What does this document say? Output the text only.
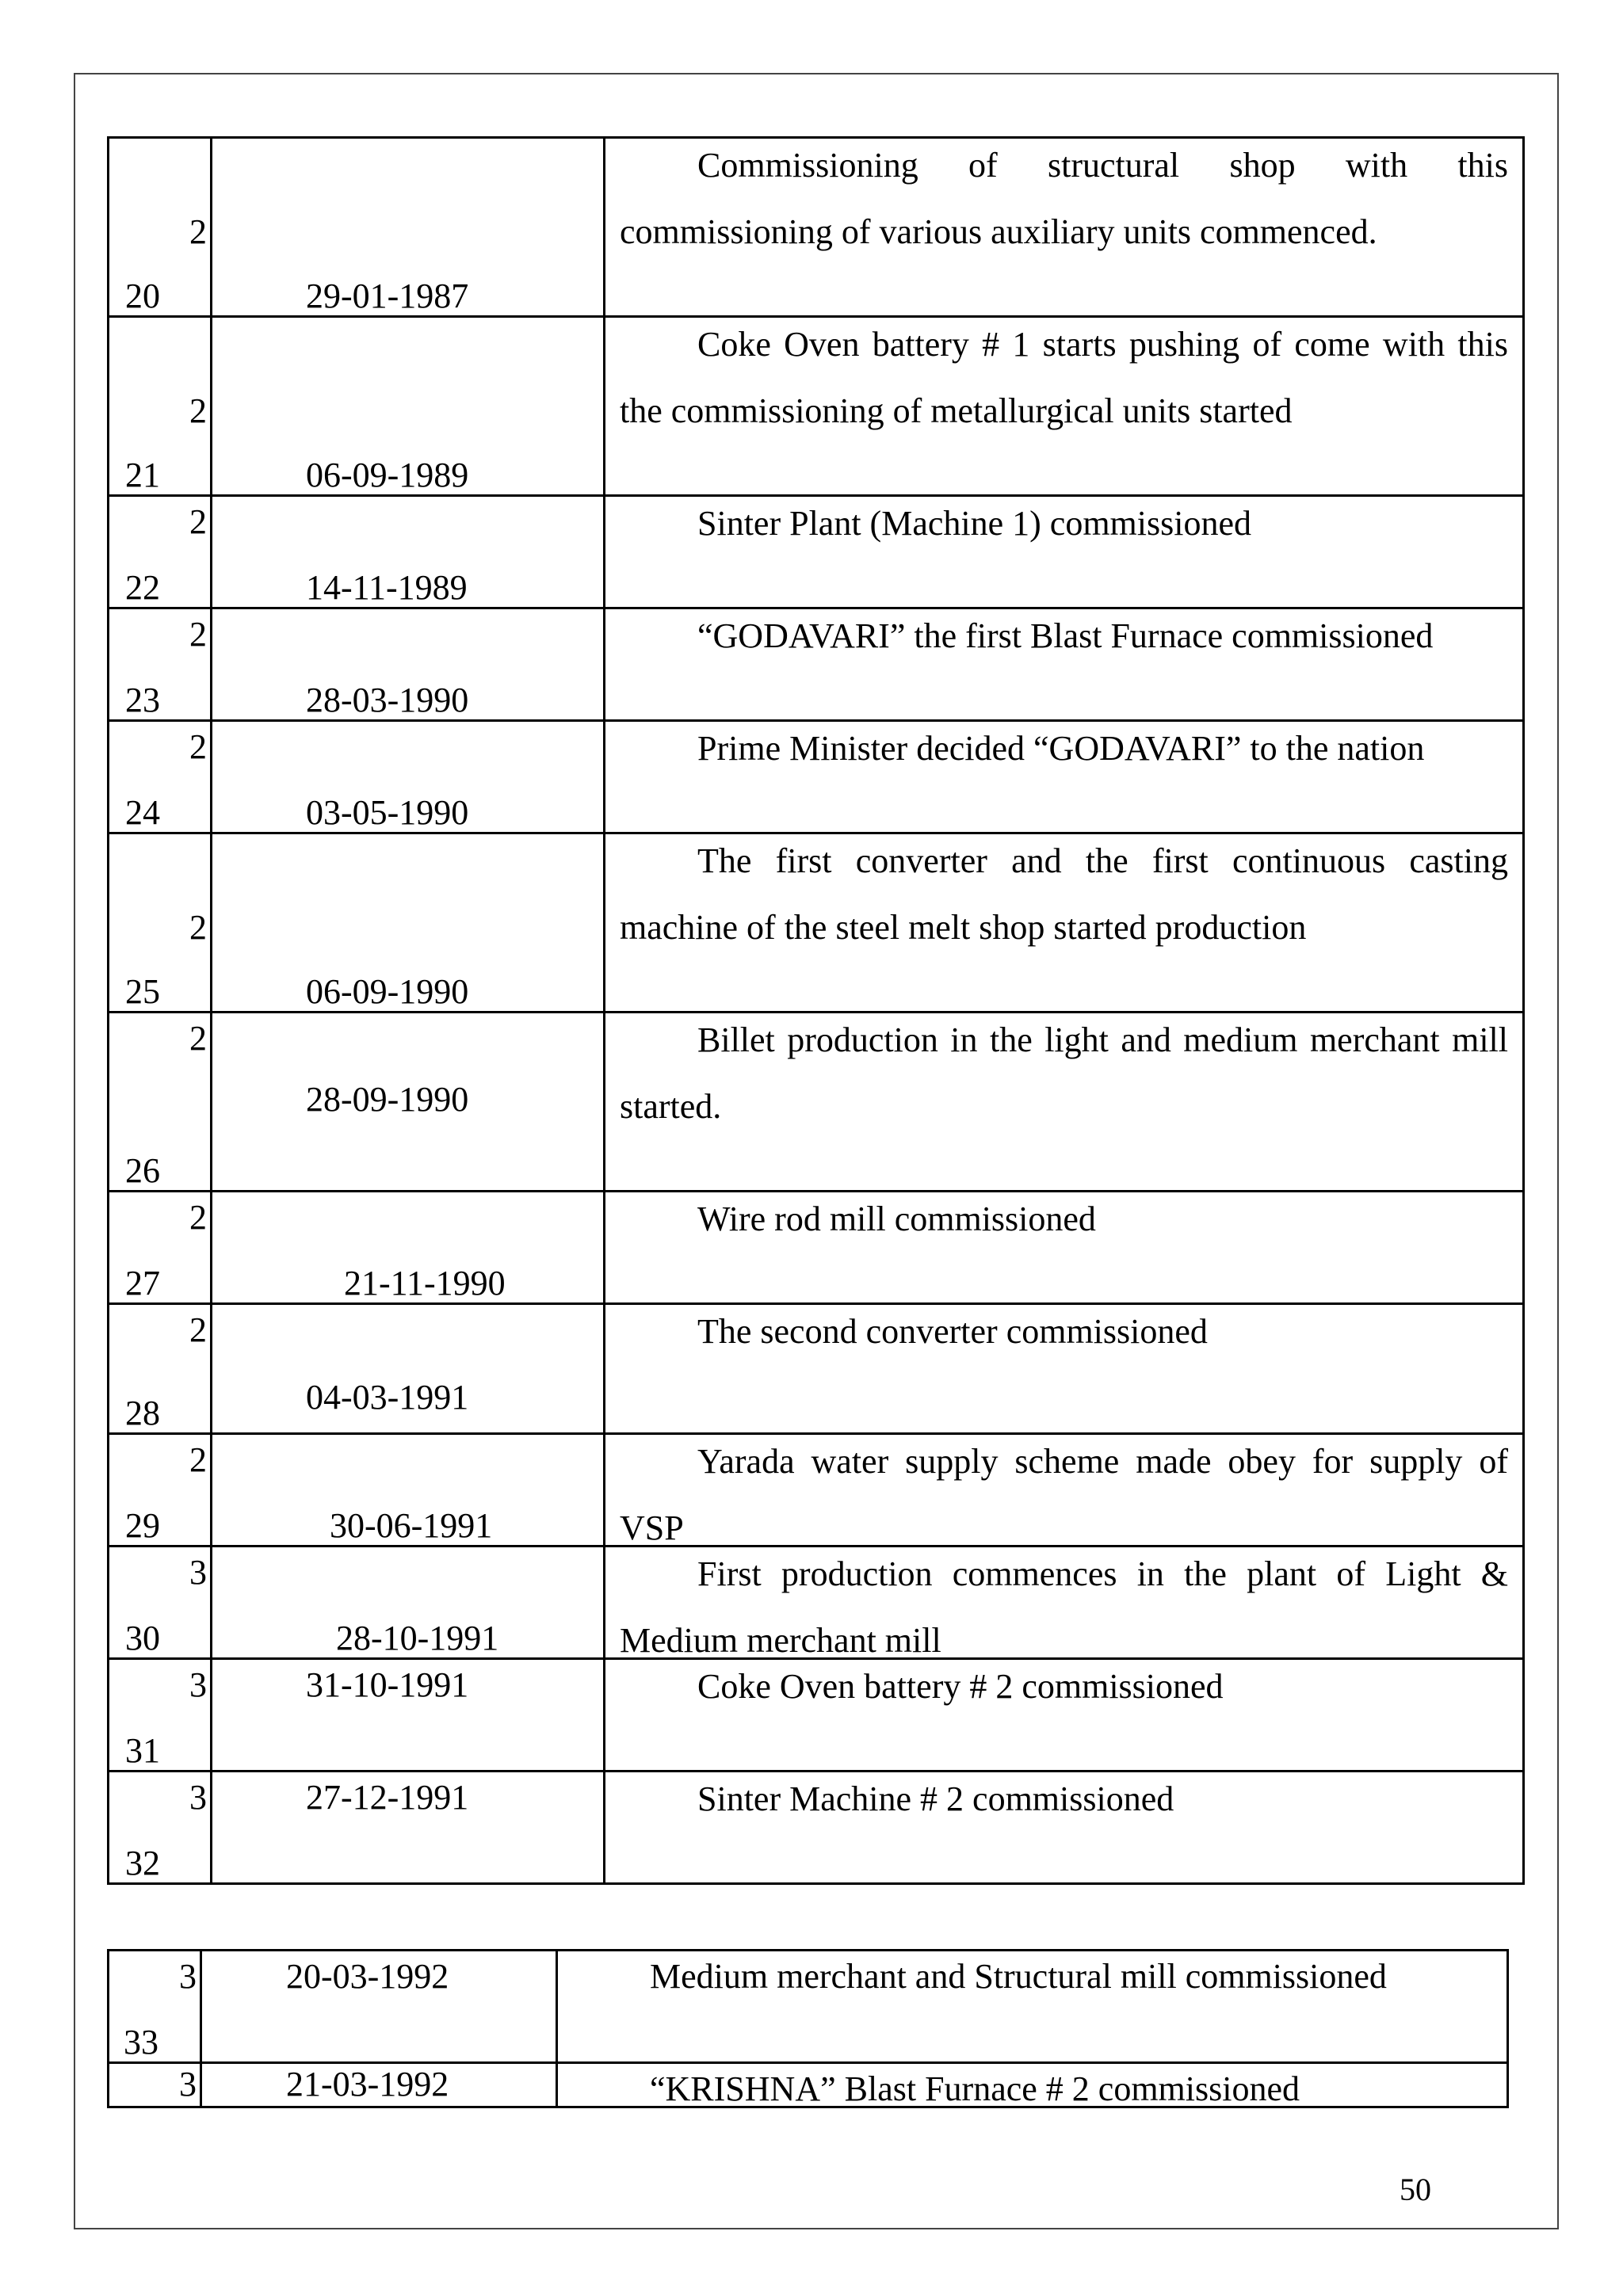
2
20	29-01-1987	Commissioning of structural shop with this commissioning of various auxiliary units commenced.

2
21	06-09-1989	Coke Oven battery # 1 starts pushing of come with this the commissioning of metallurgical units started

2
22	14-11-1989	Sinter Plant (Machine 1) commissioned

2
23	28-03-1990	“GODAVARI” the first Blast Furnace commissioned

2
24	03-05-1990	Prime Minister decided “GODAVARI” to the nation

2
25	06-09-1990	The first converter and the first continuous casting machine of the steel melt shop started production

2
26	28-09-1990	Billet production in the light and medium merchant mill started.

2
27	21-11-1990	Wire rod mill commissioned

2
28	04-03-1991	The second converter commissioned

2
29	30-06-1991	Yarada water supply scheme made obey for supply of VSP

3
30	28-10-1991	First production commences in the plant of Light & Medium merchant mill

3
31	31-10-1991	Coke Oven battery # 2 commissioned

3
32	27-12-1991	Sinter Machine # 2 commissioned
3
33	20-03-1992	Medium merchant and Structural mill commissioned

3	21-03-1992	“KRISHNA” Blast Furnace # 2 commissioned
50
